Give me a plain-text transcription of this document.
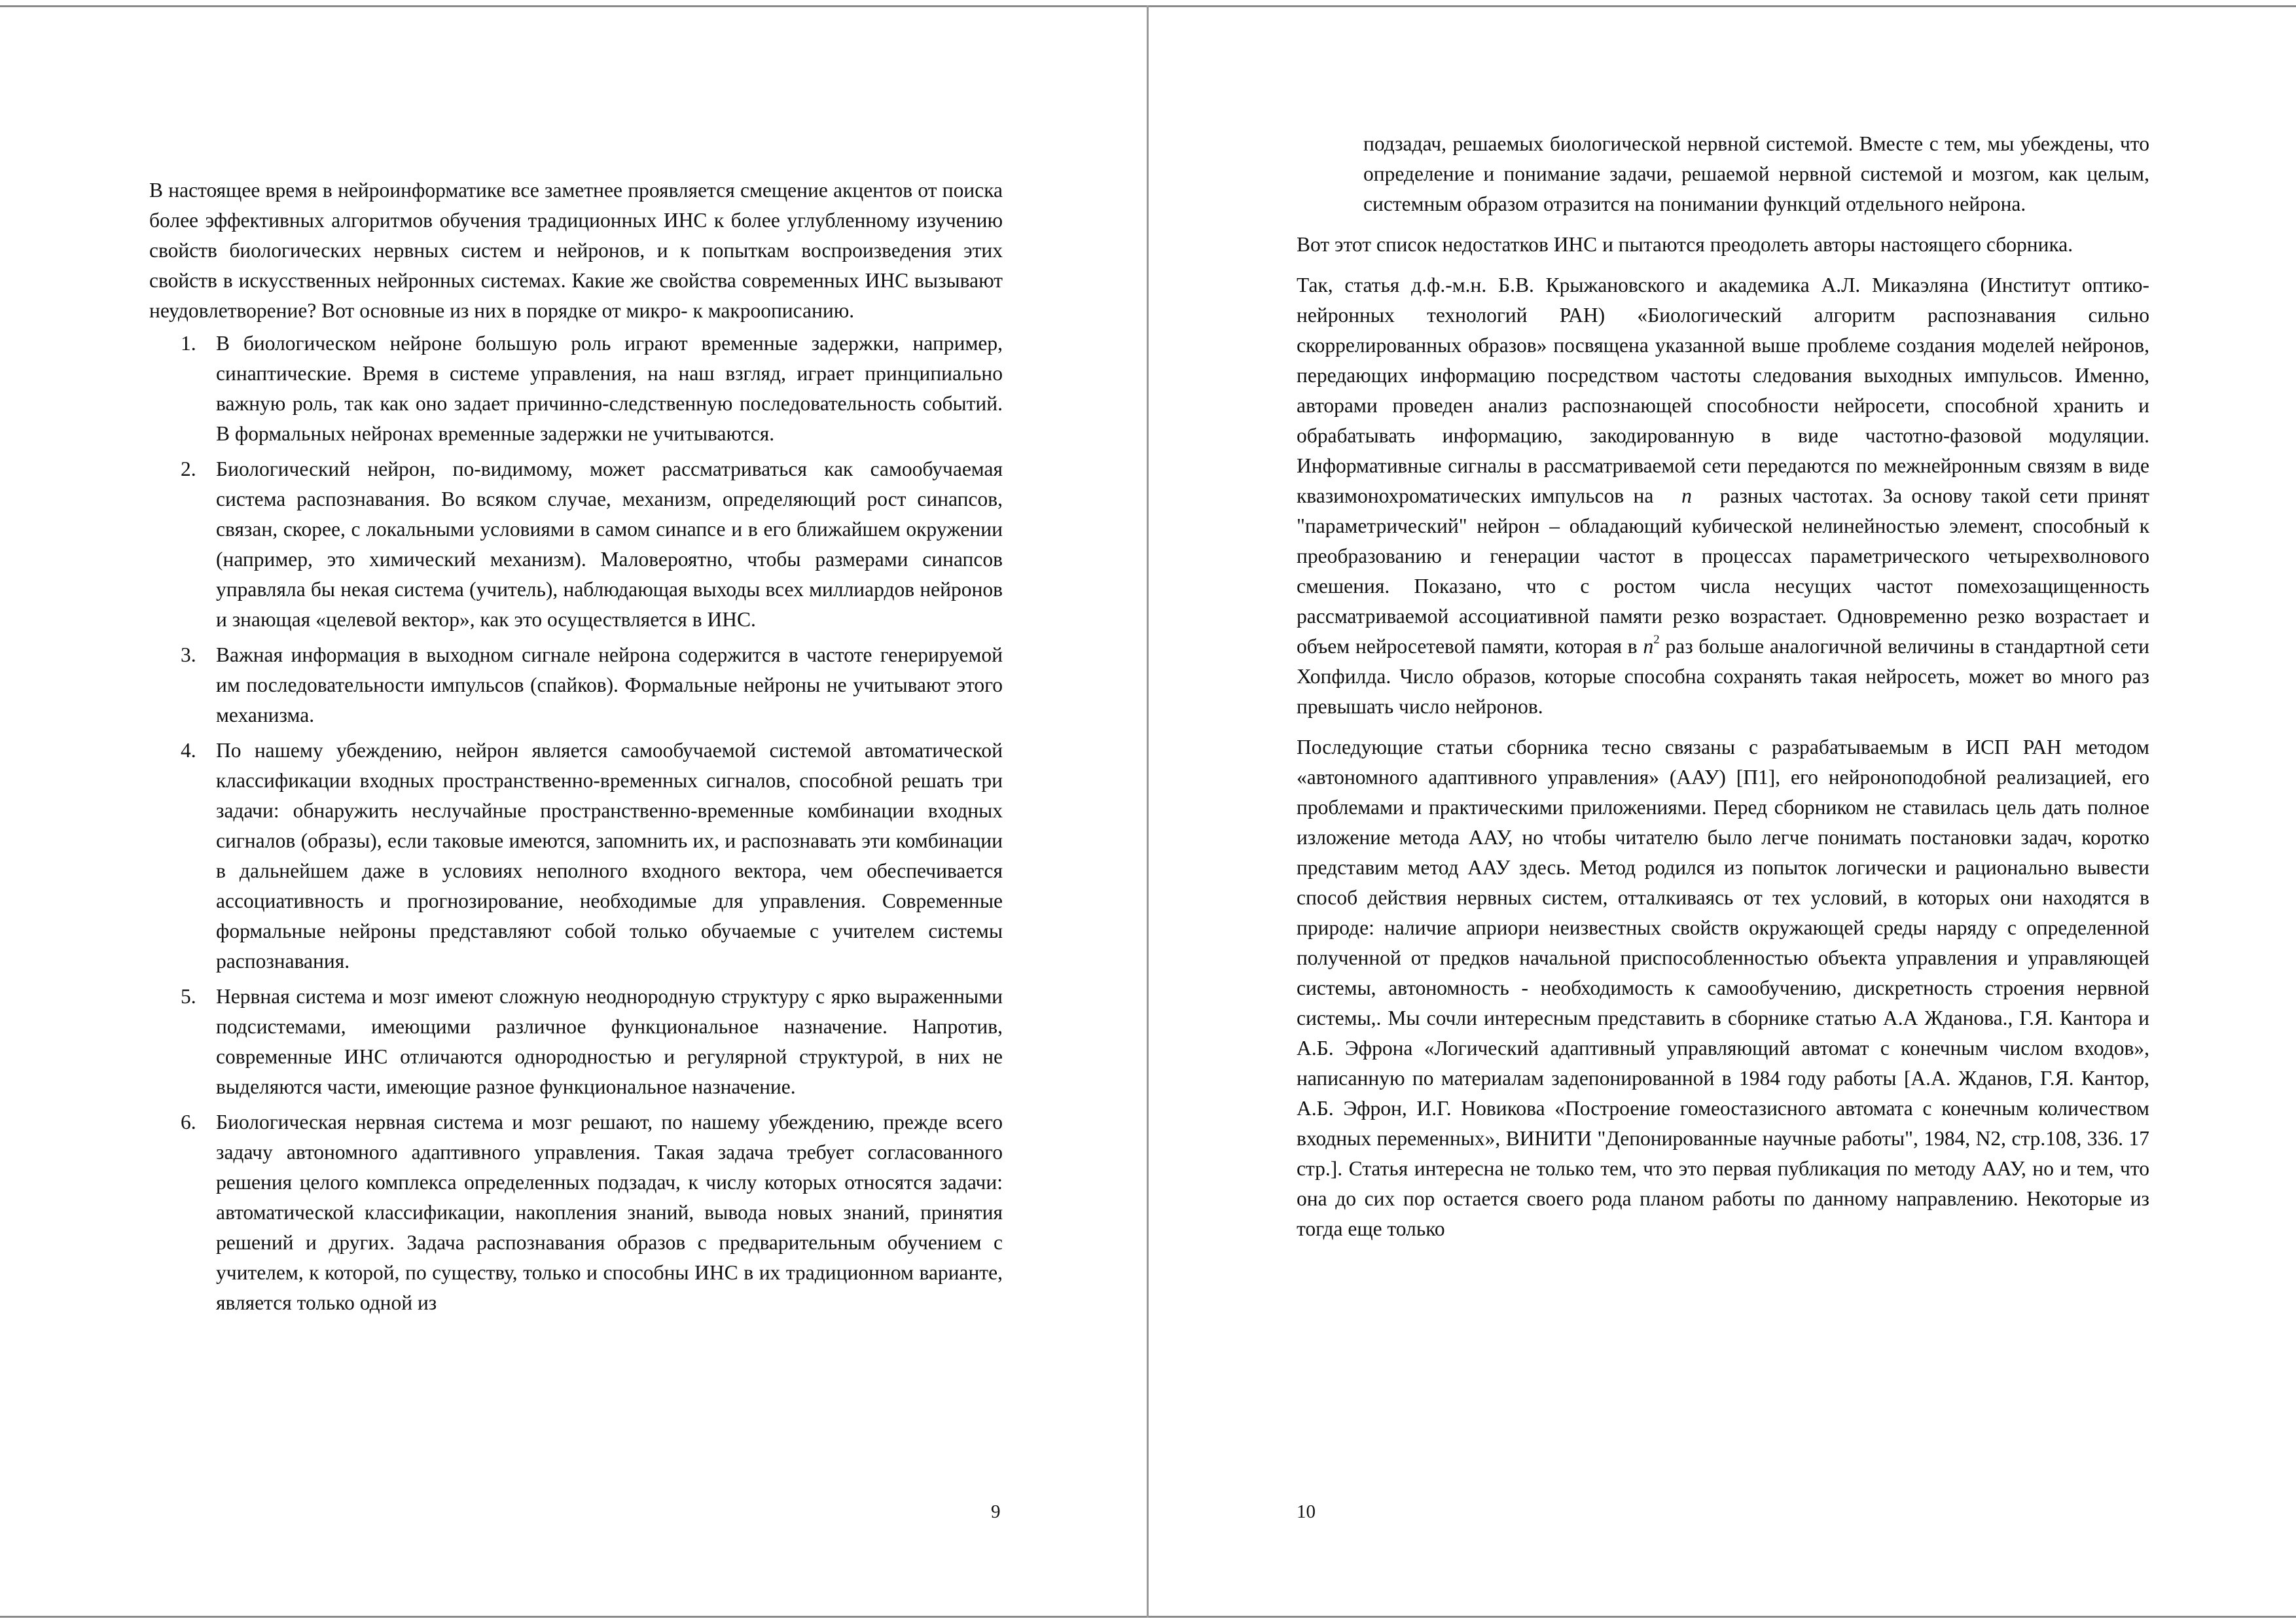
В настоящее время в нейроинформатике все заметнее проявляется смещение акцентов от поиска более эффективных алгоритмов обучения традиционных ИНС к более углубленному изучению свойств биологических нервных систем и нейронов, и к попыткам воспроизведения этих свойств в искусственных нейронных системах. Какие же свойства современных ИНС вызывают неудовлетворение? Вот основные из них в порядке от микро- к макроописанию.

1. В биологическом нейроне большую роль играют временные задержки, например, синаптические. Время в системе управления, на наш взгляд, играет принципиально важную роль, так как оно задает причинно-следственную последовательность событий. В формальных нейронах временные задержки не учитываются.
2. Биологический нейрон, по-видимому, может рассматриваться как самообучаемая система распознавания. Во всяком случае, механизм, определяющий рост синапсов, связан, скорее, с локальными условиями в самом синапсе и в его ближайшем окружении (например, это химический механизм). Маловероятно, чтобы размерами синапсов управляла бы некая система (учитель), наблюдающая выходы всех миллиардов нейронов и знающая «целевой вектор», как это осуществляется в ИНС.
3. Важная информация в выходном сигнале нейрона содержится в частоте генерируемой им последовательности импульсов (спайков). Формальные нейроны не учитывают этого механизма.
4. По нашему убеждению, нейрон является самообучаемой системой автоматической классификации входных пространственно-временных сигналов, способной решать три задачи: обнаружить неслучайные пространственно-временные комбинации входных сигналов (образы), если таковые имеются, запомнить их, и распознавать эти комбинации в дальнейшем даже в условиях неполного входного вектора, чем обеспечивается ассоциативность и прогнозирование, необходимые для управления. Современные формальные нейроны представляют собой только обучаемые с учителем системы распознавания.
5. Нервная система и мозг имеют сложную неоднородную структуру с ярко выраженными подсистемами, имеющими различное функциональное назначение. Напротив, современные ИНС отличаются однородностью и регулярной структурой, в них не выделяются части, имеющие разное функциональное назначение.
6. Биологическая нервная система и мозг решают, по нашему убеждению, прежде всего задачу автономного адаптивного управления. Такая задача требует согласованного решения целого комплекса определенных подзадач, к числу которых относятся задачи: автоматической классификации, накопления знаний, вывода новых знаний, принятия решений и других. Задача распознавания образов с предварительным обучением с учителем, к которой, по существу, только и способны ИНС в их традиционном варианте, является только одной из
9

подзадач, решаемых биологической нервной системой. Вместе с тем, мы убеждены, что определение и понимание задачи, решаемой нервной системой и мозгом, как целым, системным образом отразится на понимании функций отдельного нейрона.

Вот этот список недостатков ИНС и пытаются преодолеть авторы настоящего сборника.

Так, статья д.ф.-м.н. Б.В. Крыжановского и академика А.Л. Микаэляна (Институт оптико-нейронных технологий РАН) «Биологический алгоритм распознавания сильно скоррелированных образов» посвящена указанной выше проблеме создания моделей нейронов, передающих информацию посредством частоты следования выходных импульсов. Именно, авторами проведен анализ распознающей способности нейросети, способной хранить и обрабатывать информацию, закодированную в виде частотно-фазовой модуляции. Информативные сигналы в рассматриваемой сети передаются по межнейронным связям в виде квазимонохроматических импульсов на n разных частотах. За основу такой сети принят "параметрический" нейрон – обладающий кубической нелинейностью элемент, способный к преобразованию и генерации частот в процессах параметрического четырехволнового смешения. Показано, что с ростом числа несущих частот помехозащищенность рассматриваемой ассоциативной памяти резко возрастает. Одновременно резко возрастает и объем нейросетевой памяти, которая в $n^2$ раз больше аналогичной величины в стандартной сети Хопфилда. Число образов, которые способна сохранять такая нейросеть, может во много раз превышать число нейронов.

Последующие статьи сборника тесно связаны с разрабатываемым в ИСП РАН методом «автономного адаптивного управления» (ААУ) [П1], его нейроноподобной реализацией, его проблемами и практическими приложениями. Перед сборником не ставилась цель дать полное изложение метода ААУ, но чтобы читателю было легче понимать постановки задач, коротко представим метод ААУ здесь. Метод родился из попыток логически и рационально вывести способ действия нервных систем, отталкиваясь от тех условий, в которых они находятся в природе: наличие априори неизвестных свойств окружающей среды наряду с определенной полученной от предков начальной приспособленностью объекта управления и управляющей системы, автономность - необходимость к самообучению, дискретность строения нервной системы,. Мы сочли интересным представить в сборнике статью А.А Жданова., Г.Я. Кантора и А.Б. Эфрона «Логический адаптивный управляющий автомат с конечным числом входов», написанную по материалам задепонированной в 1984 году работы [А.А. Жданов, Г.Я. Кантор, А.Б. Эфрон, И.Г. Новикова «Построение гомеостазисного автомата с конечным количеством входных переменных», ВИНИТИ "Депонированные научные работы", 1984, N2, стр.108, 336. 17 стр.]. Статья интересна не только тем, что это первая публикация по методу ААУ, но и тем, что она до сих пор остается своего рода планом работы по данному направлению. Некоторые из тогда еще только

10
